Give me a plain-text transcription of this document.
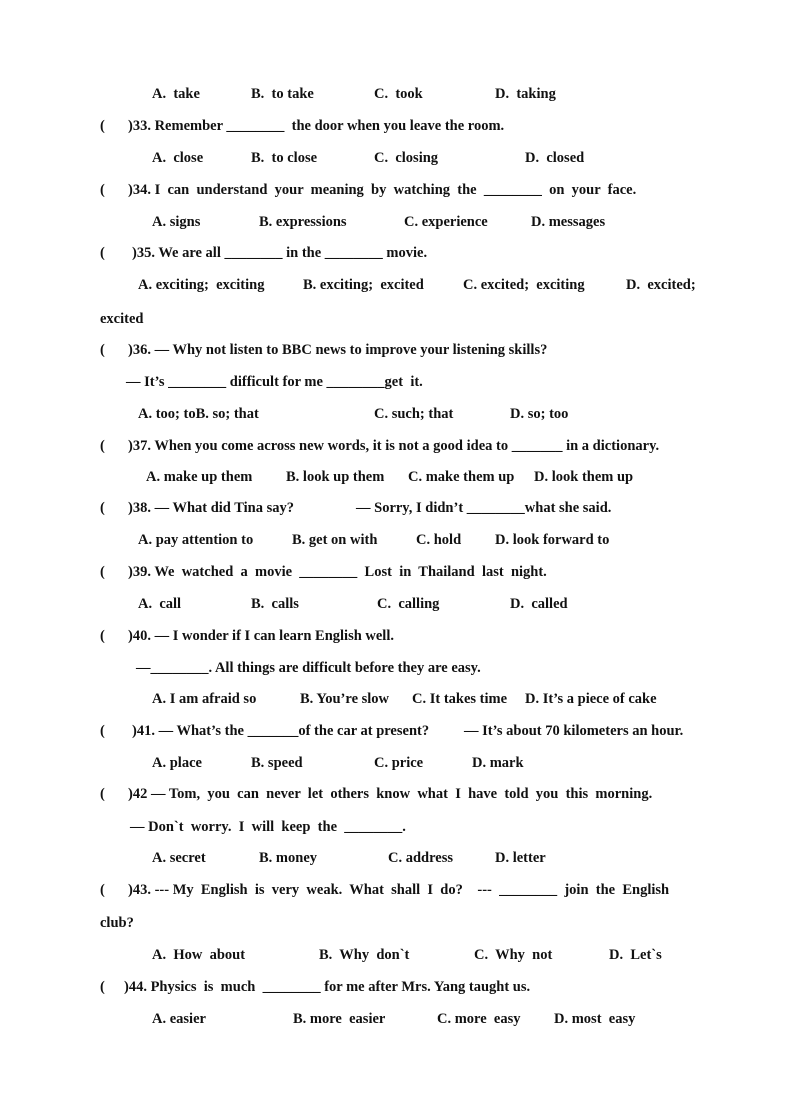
A.  take	B.  to take	C.  took	D.  taking
( )33. Remember ________  the door when you leave the room.
A.  close	B.  to close	C.  closing	D.  closed
( )34. I  can  understand  your  meaning  by  watching  the  ________  on  your  face.
A. signs	B. expressions	C. experience	D. messages
( )35. We are all ________ in the ________ movie.
A. exciting;  exciting	B. exciting;  excited	C. excited;  exciting	D.  excited;
excited
( )36. — Why not listen to BBC news to improve your listening skills?
— It’s ________ difficult for me ________get  it.
A. too; toB. so; that	C. such; that	D. so; too
( )37. When you come across new words, it is not a good idea to _______ in a dictionary.
A. make up them B. look up them C. make them up D. look them up
( )38. — What did Tina say?	— Sorry, I didn’t ________what she said.
A. pay attention to	B. get on with	C. hold D. look forward to
( )39. We  watched  a  movie  ________  Lost  in  Thailand  last  night.
A.  call	B.  calls	C.  calling	D.  called
( )40. — I wonder if I can learn English well.
—________. All things are difficult before they are easy.
A. I am afraid so	B. You’re slow C. It takes time D. It’s a piece of cake
( )41. — What’s the _______of the car at present? — It’s about 70 kilometers an hour.
A. place	B. speed	C. price	D. mark
( )42 — Tom,  you  can  never  let  others  know  what  I  have  told  you  this  morning.
— Don`t  worry.  I  will  keep  the  ________.
A. secret	B. money	C. address	D. letter
( )43. --- My  English  is  very  weak.  What  shall  I  do?    ---  ________  join  the  English
club?
A.  How  about	B.  Why  don`t	C.  Why  not	D.  Let`s
( )44. Physics  is  much  ________ for me after Mrs. Yang taught us.
A. easier	B. more  easier	C. more  easy D. most  easy
